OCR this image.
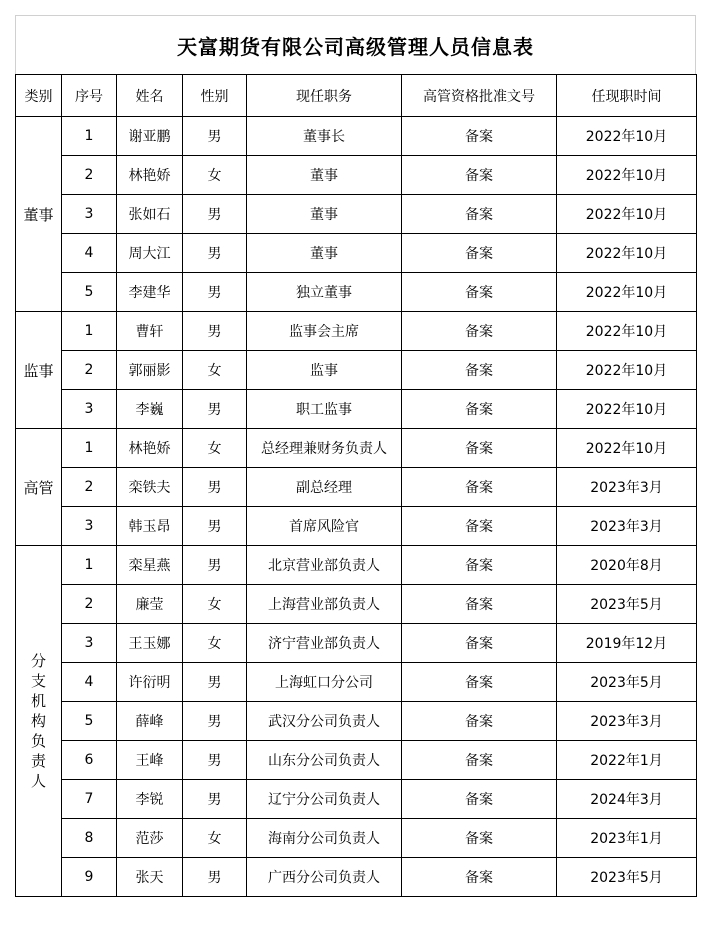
天富期货有限公司高级管理人员信息表
类别	序号	姓名	性别	现任职务	高管资格批准文号	任现职时间
董事	1	谢亚鹏	男	董事长	备案	2022年10月
	2	林艳娇	女	董事	备案	2022年10月
	3	张如石	男	董事	备案	2022年10月
	4	周大江	男	董事	备案	2022年10月
	5	李建华	男	独立董事	备案	2022年10月
监事	1	曹轩	男	监事会主席	备案	2022年10月
	2	郭丽影	女	监事	备案	2022年10月
	3	李巍	男	职工监事	备案	2022年10月
高管	1	林艳娇	女	总经理兼财务负责人	备案	2022年10月
	2	栾铁夫	男	副总经理	备案	2023年3月
	3	韩玉昂	男	首席风险官	备案	2023年3月
分支机构负责人	1	栾星燕	男	北京营业部负责人	备案	2020年8月
	2	廉莹	女	上海营业部负责人	备案	2023年5月
	3	王玉娜	女	济宁营业部负责人	备案	2019年12月
	4	许衍明	男	上海虹口分公司	备案	2023年5月
	5	薛峰	男	武汉分公司负责人	备案	2023年3月
	6	王峰	男	山东分公司负责人	备案	2022年1月
	7	李锐	男	辽宁分公司负责人	备案	2024年3月
	8	范莎	女	海南分公司负责人	备案	2023年1月
	9	张天	男	广西分公司负责人	备案	2023年5月
